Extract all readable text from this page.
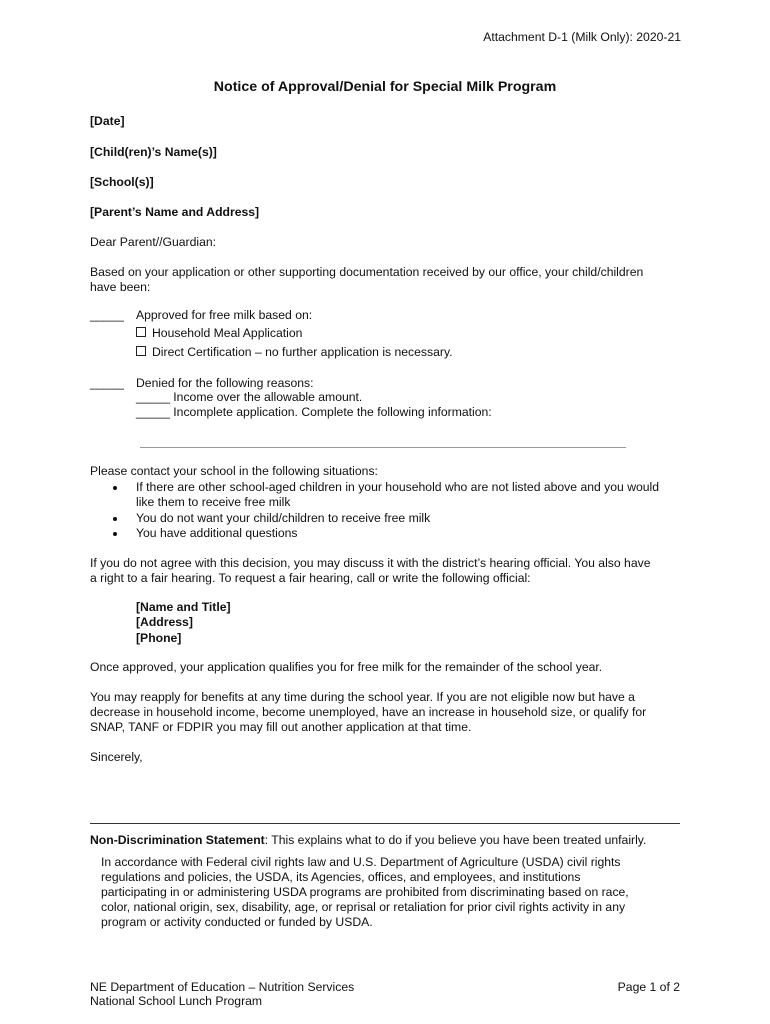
Attachment D-1 (Milk Only): 2020-21
Notice of Approval/Denial for Special Milk Program
[Date]
[Child(ren)’s Name(s)]
[School(s)]
[Parent’s Name and Address]
Dear Parent//Guardian:
Based on your application or other supporting documentation received by our office, your child/children
have been:
_____ Approved for free milk based on:
Household Meal Application
Direct Certification – no further application is necessary.
_____ Denied for the following reasons:
_____ Income over the allowable amount.
_____ Incomplete application. Complete the following information:
Please contact your school in the following situations:
If there are other school-aged children in your household who are not listed above and you would
like them to receive free milk
You do not want your child/children to receive free milk
You have additional questions
If you do not agree with this decision, you may discuss it with the district’s hearing official. You also have
a right to a fair hearing. To request a fair hearing, call or write the following official:
[Name and Title]
[Address]
[Phone]
Once approved, your application qualifies you for free milk for the remainder of the school year.
You may reapply for benefits at any time during the school year. If you are not eligible now but have a
decrease in household income, become unemployed, have an increase in household size, or qualify for
SNAP, TANF or FDPIR you may fill out another application at that time.
Sincerely,
Non-Discrimination Statement: This explains what to do if you believe you have been treated unfairly.
In accordance with Federal civil rights law and U.S. Department of Agriculture (USDA) civil rights
regulations and policies, the USDA, its Agencies, offices, and employees, and institutions
participating in or administering USDA programs are prohibited from discriminating based on race,
color, national origin, sex, disability, age, or reprisal or retaliation for prior civil rights activity in any
program or activity conducted or funded by USDA.
NE Department of Education – Nutrition Services
National School Lunch Program
Page 1 of 2
